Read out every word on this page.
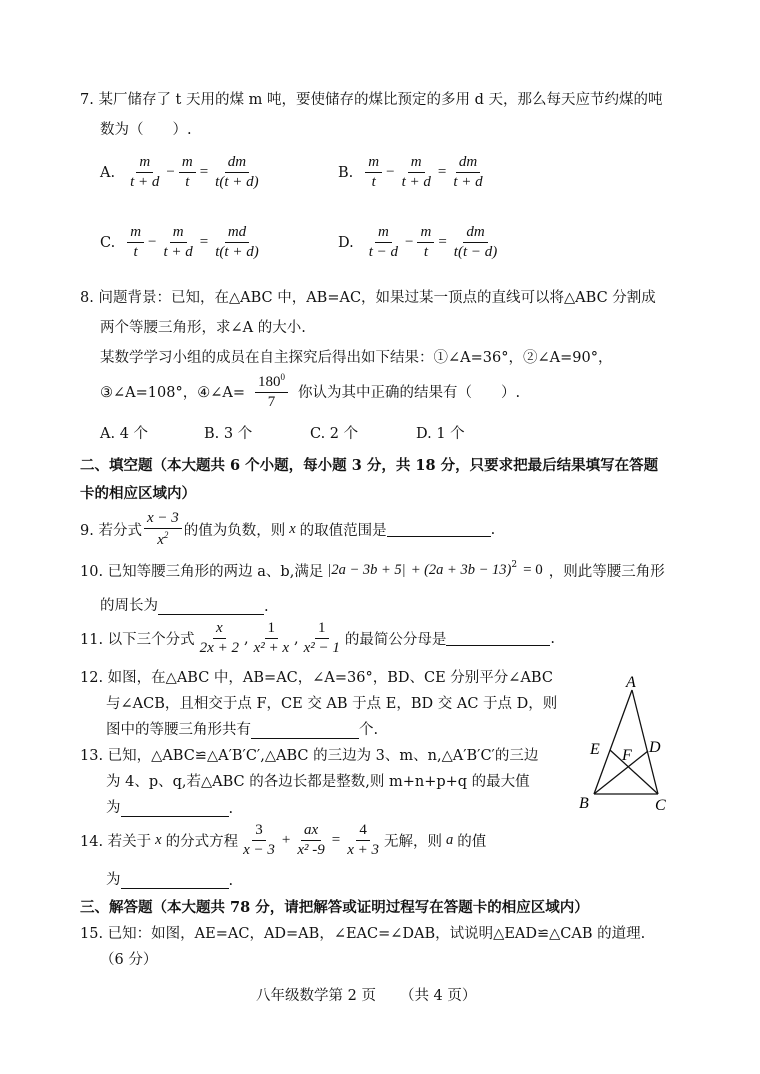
7. 某厂储存了 t 天用的煤 m 吨，要使储存的煤比预定的多用 d 天，那么每天应节约煤的吨
数为（　　）.
A. $\frac{m}{t + d} - \frac{m}{t} = \frac{dm}{t(t + d)}$	B. $\frac{m}{t} - \frac{m}{t + d} = \frac{dm}{t + d}$
C. $\frac{m}{t} - \frac{m}{t + d} = \frac{md}{t(t + d)}$	D. $\frac{m}{t - d} - \frac{m}{t} = \frac{dm}{t(t - d)}$
8. 问题背景：已知，在△ABC 中，AB=AC，如果过某一顶点的直线可以将△ABC 分割成
两个等腰三角形，求∠A 的大小.
某数学学习小组的成员在自主探究后得出如下结果：①∠A=36°，②∠A=90°，
③∠A=108°，④∠A= $\frac{180^0}{7}$ 你认为其中正确的结果有（　　）.
A. 4 个	B. 3 个	C. 2 个	D. 1 个
二、填空题（本大题共 6 个小题，每小题 3 分，共 18 分，只要求把最后结果填写在答题
卡的相应区域内）
9. 若分式 $\frac{x - 3}{x^2}$ 的值为负数，则 x 的取值范围是	.
10. 已知等腰三角形的两边 a、b,满足 $|2a - 3b + 5| + (2a + 3b - 13)^2 = 0$ ，则此等腰三角形
的周长为	.
11. 以下三个分式 $\frac{x}{2x + 2}$ , $\frac{1}{\text{x² + x}}$ , $\frac{1}{\text{x² − 1}}$ 的最简公分母是	.
12. 如图，在△ABC 中，AB=AC，∠A=36°，BD、CE 分别平分∠ABC
与∠ACB，且相交于点 F，CE 交 AB 于点 E，BD 交 AC 于点 D，则
图中的等腰三角形共有	个.
13. 已知，△ABC≌△A′B′C′,△ABC 的三边为 3、m、n,△A′B′C′的三边
为 4、p、q,若△ABC 的各边长都是整数,则 m+n+p+q 的最大值
为	.
14. 若关于 x 的分式方程 $\frac{3}{x - 3} + \frac{ax}{\text{x² -9}} = \frac{4}{x + 3}$ 无解，则 a 的值
为	.
A
B	C
D
E F
三、解答题（本大题共 78 分，请把解答或证明过程写在答题卡的相应区域内）
15. 已知：如图，AE=AC，AD=AB，∠EAC=∠DAB，试说明△EAD≌△CAB 的道理.
（6 分）
八年级数学第 2 页 （共 4 页）
